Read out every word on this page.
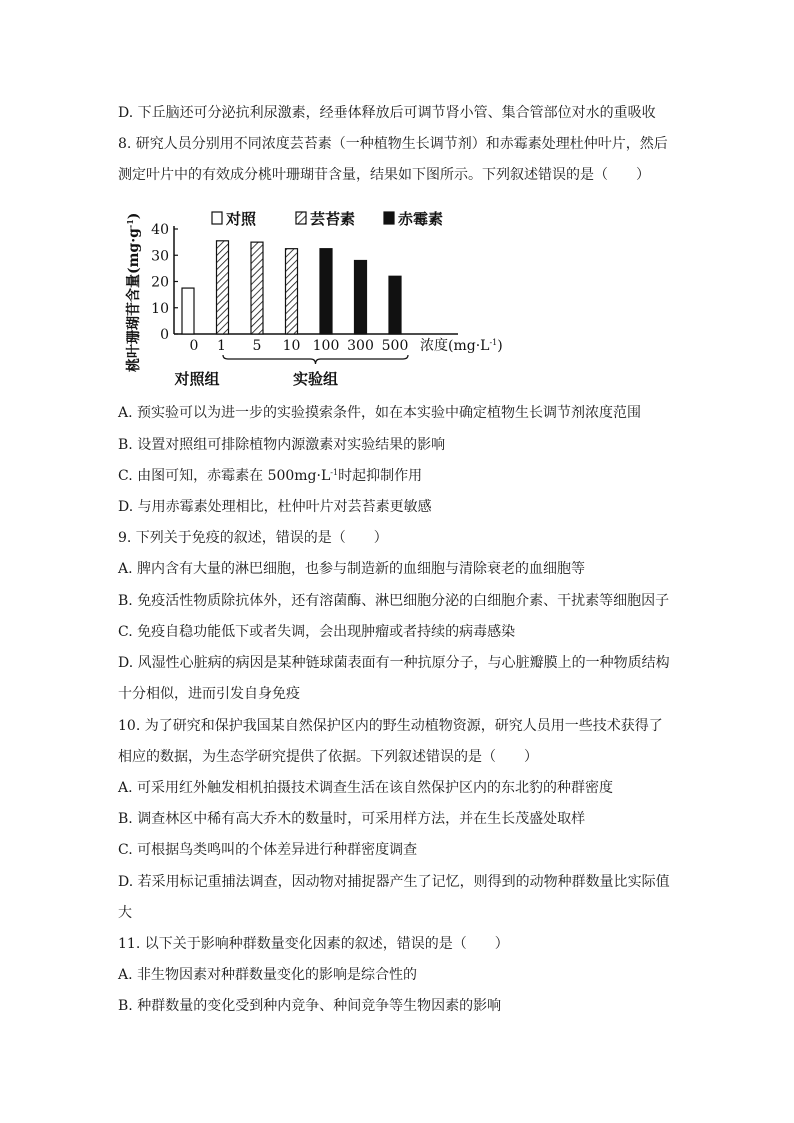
D. 下丘脑还可分泌抗利尿激素，经垂体释放后可调节肾小管、集合管部位对水的重吸收
8. 研究人员分别用不同浓度芸苔素（一种植物生长调节剂）和赤霉素处理杜仲叶片，然后
测定叶片中的有效成分桃叶珊瑚苷含量，结果如下图所示。下列叙述错误的是（　　）
对照	芸苔素	赤霉素
0
10
20
30
40
桃叶珊瑚苷含量$(mg\cdot g^{-1})$
0 1 5 10 100 300 500 浓度$(mg\cdot L^{-1})$
对照组	实验组
A. 预实验可以为进一步的实验摸索条件，如在本实验中确定植物生长调节剂浓度范围
B. 设置对照组可排除植物内源激素对实验结果的影响
C. 由图可知，赤霉素在 $500mg\cdot L^{-1}$时起抑制作用
D. 与用赤霉素处理相比，杜仲叶片对芸苔素更敏感
9. 下列关于免疫的叙述，错误的是（　　）
A. 脾内含有大量的淋巴细胞，也参与制造新的血细胞与清除衰老的血细胞等
B. 免疫活性物质除抗体外，还有溶菌酶、淋巴细胞分泌的白细胞介素、干扰素等细胞因子
C. 免疫自稳功能低下或者失调，会出现肿瘤或者持续的病毒感染
D. 风湿性心脏病的病因是某种链球菌表面有一种抗原分子，与心脏瓣膜上的一种物质结构
十分相似，进而引发自身免疫
10. 为了研究和保护我国某自然保护区内的野生动植物资源，研究人员用一些技术获得了
相应的数据，为生态学研究提供了依据。下列叙述错误的是（　　）
A. 可采用红外触发相机拍摄技术调查生活在该自然保护区内的东北豹的种群密度
B. 调查林区中稀有高大乔木的数量时，可采用样方法，并在生长茂盛处取样
C. 可根据鸟类鸣叫的个体差异进行种群密度调查
D. 若采用标记重捕法调查，因动物对捕捉器产生了记忆，则得到的动物种群数量比实际值
大
11. 以下关于影响种群数量变化因素的叙述，错误的是（　　）
A. 非生物因素对种群数量变化的影响是综合性的
B. 种群数量的变化受到种内竞争、种间竞争等生物因素的影响
